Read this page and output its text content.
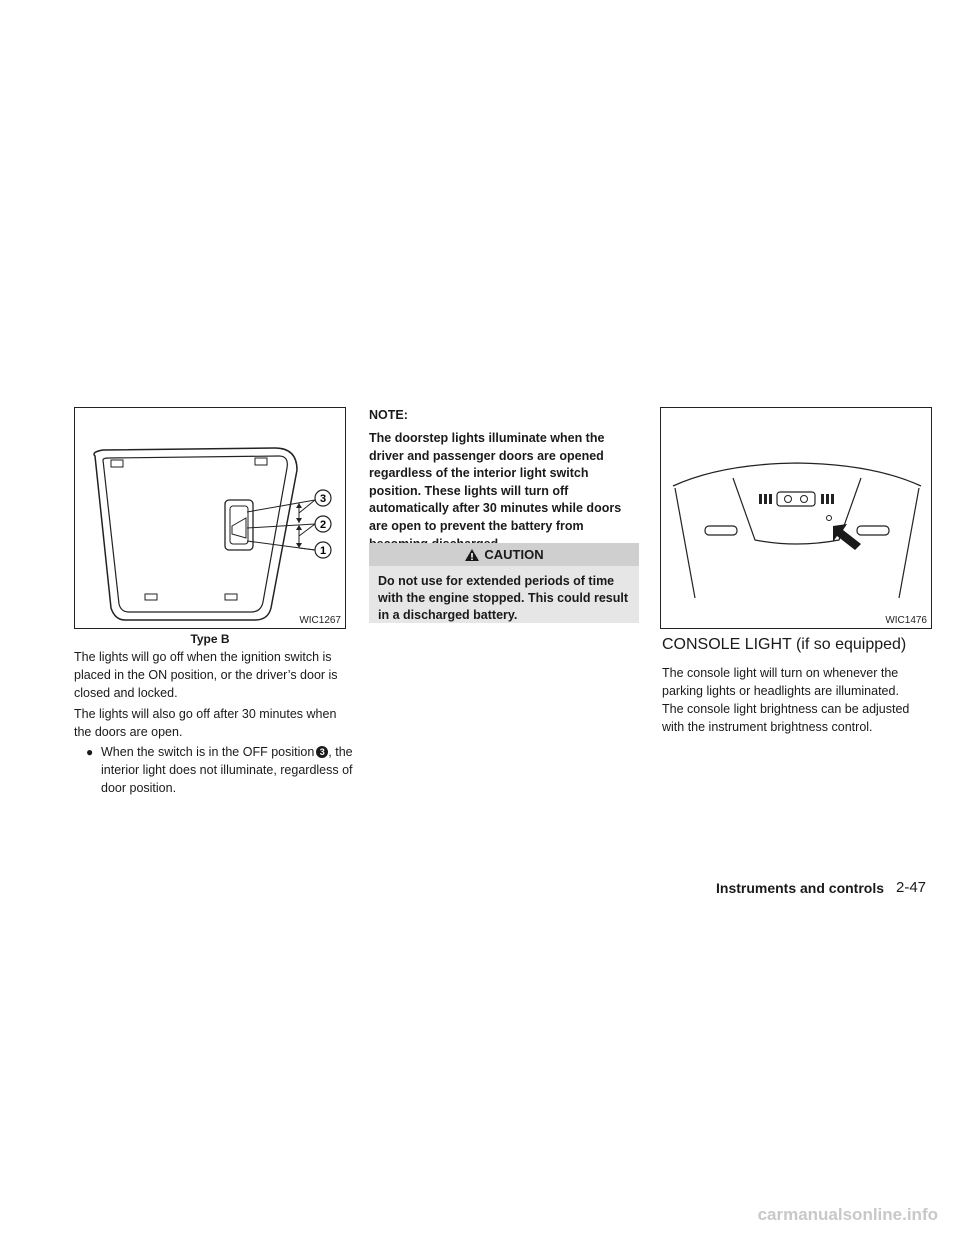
3
2
1
WIC1267
Type B

The lights will go off when the ignition switch is placed in the ON position, or the driver’s door is closed and locked.

The lights will also go off after 30 minutes when the doors are open.

● When the switch is in the OFF position 3 , the interior light does not illuminate, regardless of door position.
NOTE:

The doorstep lights illuminate when the driver and passenger doors are opened regardless of the interior light switch position. These lights will turn off automatically after 30 minutes while doors are open to prevent the battery from

CAUTION

Do not use for extended periods of time with the engine stopped. This could result in a discharged battery.	WIC1476
CONSOLE LIGHT (if so equipped)

The console light will turn on whenever the parking lights or headlights are illuminated.

The console light brightness can be adjusted with the instrument brightness control.

Instruments and controls 2-47
carmanualsonline.info
